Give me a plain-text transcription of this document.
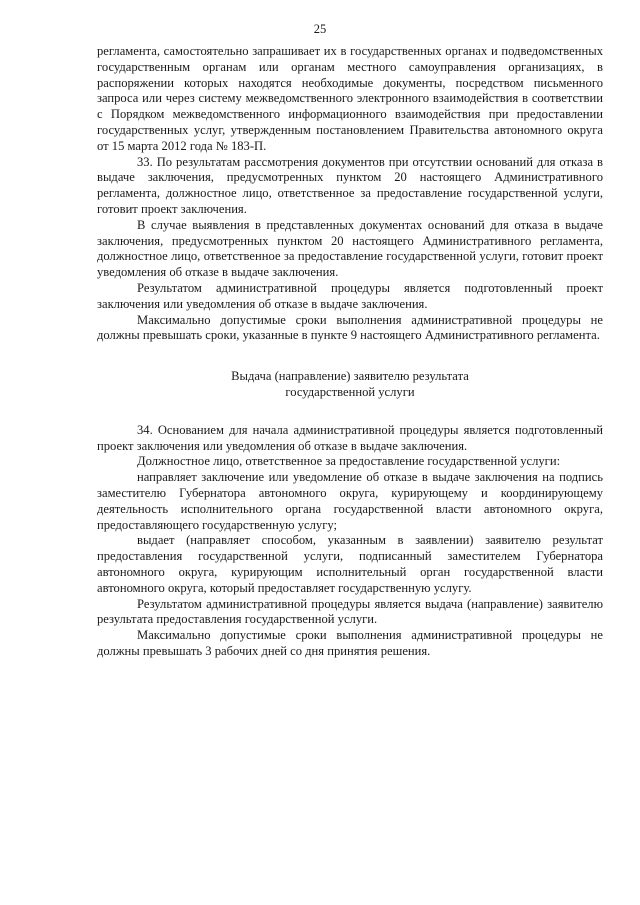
25

регламента, самостоятельно запрашивает их в государственных органах и подведомственных государственным органам или органам местного самоуправления организациях, в распоряжении которых находятся необходимые документы, посредством письменного запроса или через систему межведомственного электронного взаимодействия в соответствии с Порядком межведомственного информационного взаимодействия при предоставлении государственных услуг, утвержденным постановлением Правительства автономного округа от 15 марта 2012 года № 183-П.

33. По результатам рассмотрения документов при отсутствии оснований для отказа в выдаче заключения, предусмотренных пунктом 20 настоящего Административного регламента, должностное лицо, ответственное за предоставление государственной услуги, готовит проект заключения.

В случае выявления в представленных документах оснований для отказа в выдаче заключения, предусмотренных пунктом 20 настоящего Административного регламента, должностное лицо, ответственное за предоставление государственной услуги, готовит проект уведомления об отказе в выдаче заключения.

Результатом административной процедуры является подготовленный проект заключения или уведомления об отказе в выдаче заключения.

Максимально допустимые сроки выполнения административной процедуры не должны превышать сроки, указанные в пункте 9 настоящего Административного регламента.

Выдача (направление) заявителю результата
государственной услуги

34. Основанием для начала административной процедуры является подготовленный проект заключения или уведомления об отказе в выдаче заключения.

Должностное лицо, ответственное за предоставление государственной услуги:

направляет заключение или уведомление об отказе в выдаче заключения на подпись заместителю Губернатора автономного округа, курирующему и координирующему деятельность исполнительного органа государственной власти автономного округа, предоставляющего государственную услугу;

выдает (направляет способом, указанным в заявлении) заявителю результат предоставления государственной услуги, подписанный заместителем Губернатора автономного округа, курирующим исполнительный орган государственной власти автономного округа, который предоставляет государственную услугу.

Результатом административной процедуры является выдача (направление) заявителю результата предоставления государственной услуги.

Максимально допустимые сроки выполнения административной процедуры не должны превышать 3 рабочих дней со дня принятия решения.
